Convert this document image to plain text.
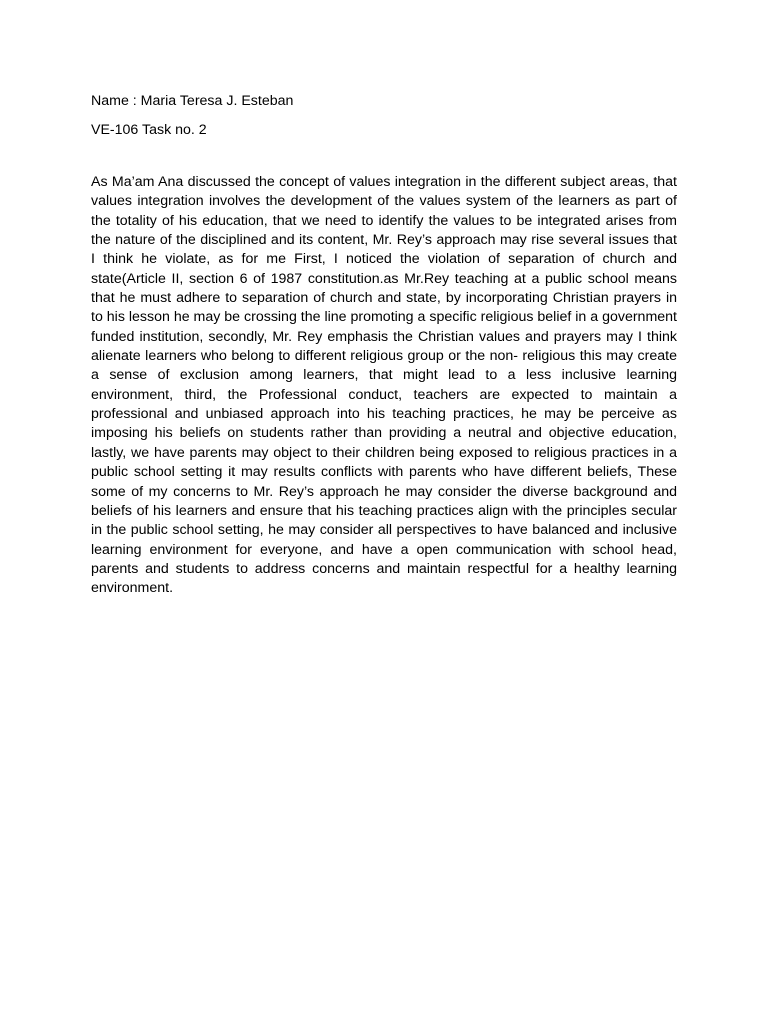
Name : Maria Teresa J. Esteban

VE-106 Task no. 2

As Ma’am Ana discussed the concept of values integration in the different subject areas, that values integration involves the development of the values system of the learners as part of the totality of his education, that we need to identify the values to be integrated arises from the nature of the disciplined and its content, Mr. Rey’s approach may rise several issues that I think he violate, as for me First, I noticed the violation of separation of church and state(Article II, section 6 of 1987 constitution.as Mr.Rey teaching at a public school means that he must adhere to separation of church and state, by incorporating Christian prayers in to his lesson he may be crossing the line promoting a specific religious belief in a government funded institution, secondly, Mr. Rey emphasis the Christian values and prayers may I think alienate learners who belong to different religious group or the non- religious this may create a sense of exclusion among learners, that might lead to a less inclusive learning environment, third, the Professional conduct, teachers are expected to maintain a professional and unbiased approach into his teaching practices, he may be perceive as imposing his beliefs on students rather than providing a neutral and objective education, lastly, we have parents may object to their children being exposed to religious practices in a public school setting it may results conflicts with parents who have different beliefs, These some of my concerns to Mr. Rey’s approach he may consider the diverse background and beliefs of his learners and ensure that his teaching practices align with the principles secular in the public school setting, he may consider all perspectives to have balanced and inclusive learning environment for everyone, and have a open communication with school head, parents and students to address concerns and maintain respectful for a healthy learning environment.
